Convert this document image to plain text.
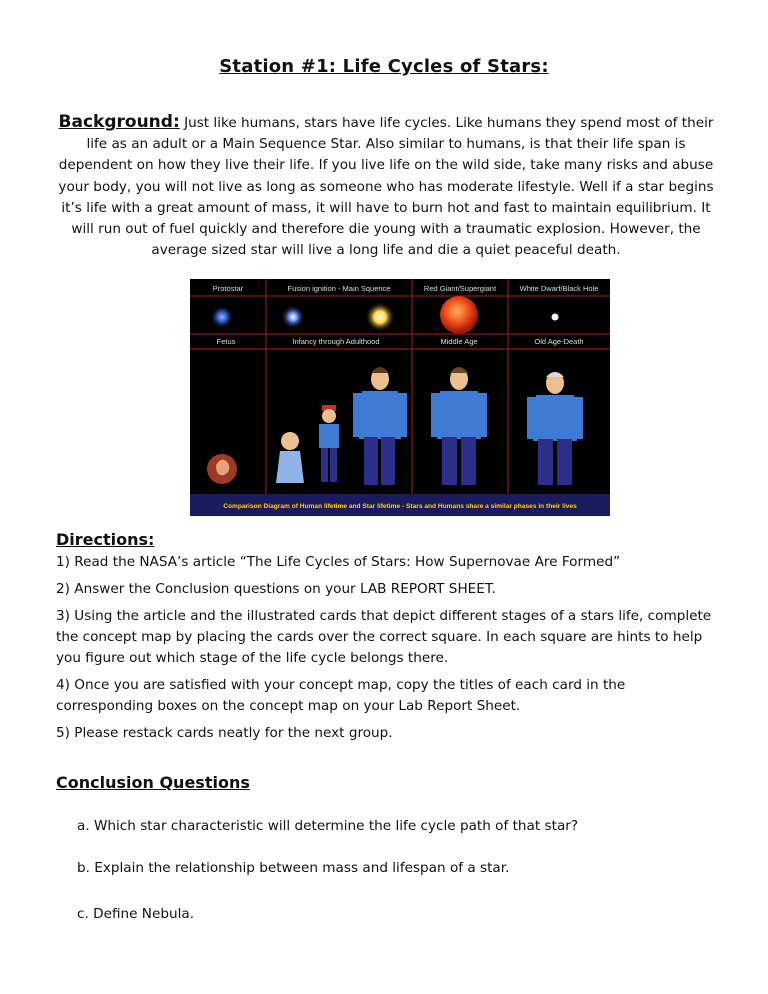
Station #1: Life Cycles of Stars:
Background: Just like humans, stars have life cycles. Like humans they spend most of their life as an adult or a Main Sequence Star. Also similar to humans, is that their life span is dependent on how they live their life. If you live life on the wild side, take many risks and abuse your body, you will not live as long as someone who has moderate lifestyle. Well if a star begins it’s life with a great amount of mass, it will have to burn hot and fast to maintain equilibrium. It will run out of fuel quickly and therefore die young with a traumatic explosion. However, the average sized star will live a long life and die a quiet peaceful death.
Protostar	Fusion ignition - Main Squence	Red Giant/Supergiant	White Dwarf/Black Hole
Fetus	Infancy through Adulthood	Middle Age	Old Age-Death
Comparison Diagram of Human lifetime and Star lifetime - Stars and Humans share a similar phases in their lives
Directions:
1) Read the NASA’s article “The Life Cycles of Stars: How Supernovae Are Formed”
2) Answer the Conclusion questions on your LAB REPORT SHEET.
3) Using the article and the illustrated cards that depict different stages of a stars life, complete the concept map by placing the cards over the correct square. In each square are hints to help you figure out which stage of the life cycle belongs there.
4) Once you are satisfied with your concept map, copy the titles of each card in the corresponding boxes on the concept map on your Lab Report Sheet.
5) Please restack cards neatly for the next group.
Conclusion Questions
a. Which star characteristic will determine the life cycle path of that star?
b. Explain the relationship between mass and lifespan of a star.
c. Define Nebula.
